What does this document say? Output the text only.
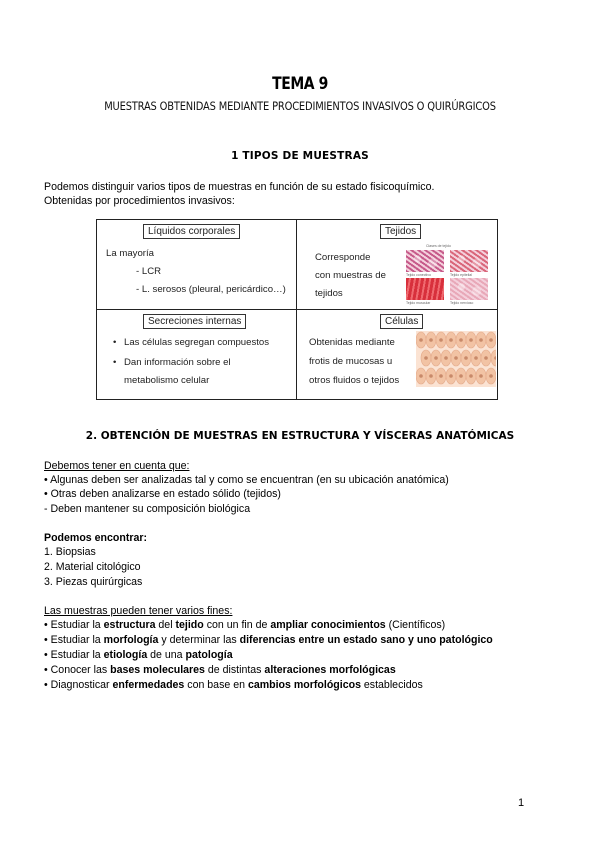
TEMA 9
MUESTRAS OBTENIDAS MEDIANTE PROCEDIMIENTOS INVASIVOS O QUIRÚRGICOS
1 TIPOS DE MUESTRAS
Podemos distinguir varios tipos de muestras en función de su estado fisicoquímico.
Obtenidas por procedimientos invasivos:
Líquidos corporales
La mayoría
- LCR
- L. serosos (pleural, pericárdico…)
Tejidos
Corresponde
con muestras de
tejidos
Clases de tejido
Tejido conectivo	Tejido epitelial
Tejido muscular	Tejido nervioso
Secreciones internas
• Las células segregan compuestos
• Dan información sobre el
metabolismo celular
Células
Obtenidas mediante
frotis de mucosas u
otros fluidos o tejidos
2. OBTENCIÓN DE MUESTRAS EN ESTRUCTURA Y VÍSCERAS ANATÓMICAS
Debemos tener en cuenta que:
• Algunas deben ser analizadas tal y como se encuentran (en su ubicación anatómica)
• Otras deben analizarse en estado sólido (tejidos)
- Deben mantener su composición biológica
Podemos encontrar:
1. Biopsias
2. Material citológico
3. Piezas quirúrgicas
Las muestras pueden tener varios fines:
• Estudiar la estructura del tejido con un fin de ampliar conocimientos (Científicos)
• Estudiar la morfología y determinar las diferencias entre un estado sano y uno patológico
• Estudiar la etiología de una patología
• Conocer las bases moleculares de distintas alteraciones morfológicas
• Diagnosticar enfermedades con base en cambios morfológicos establecidos
1
